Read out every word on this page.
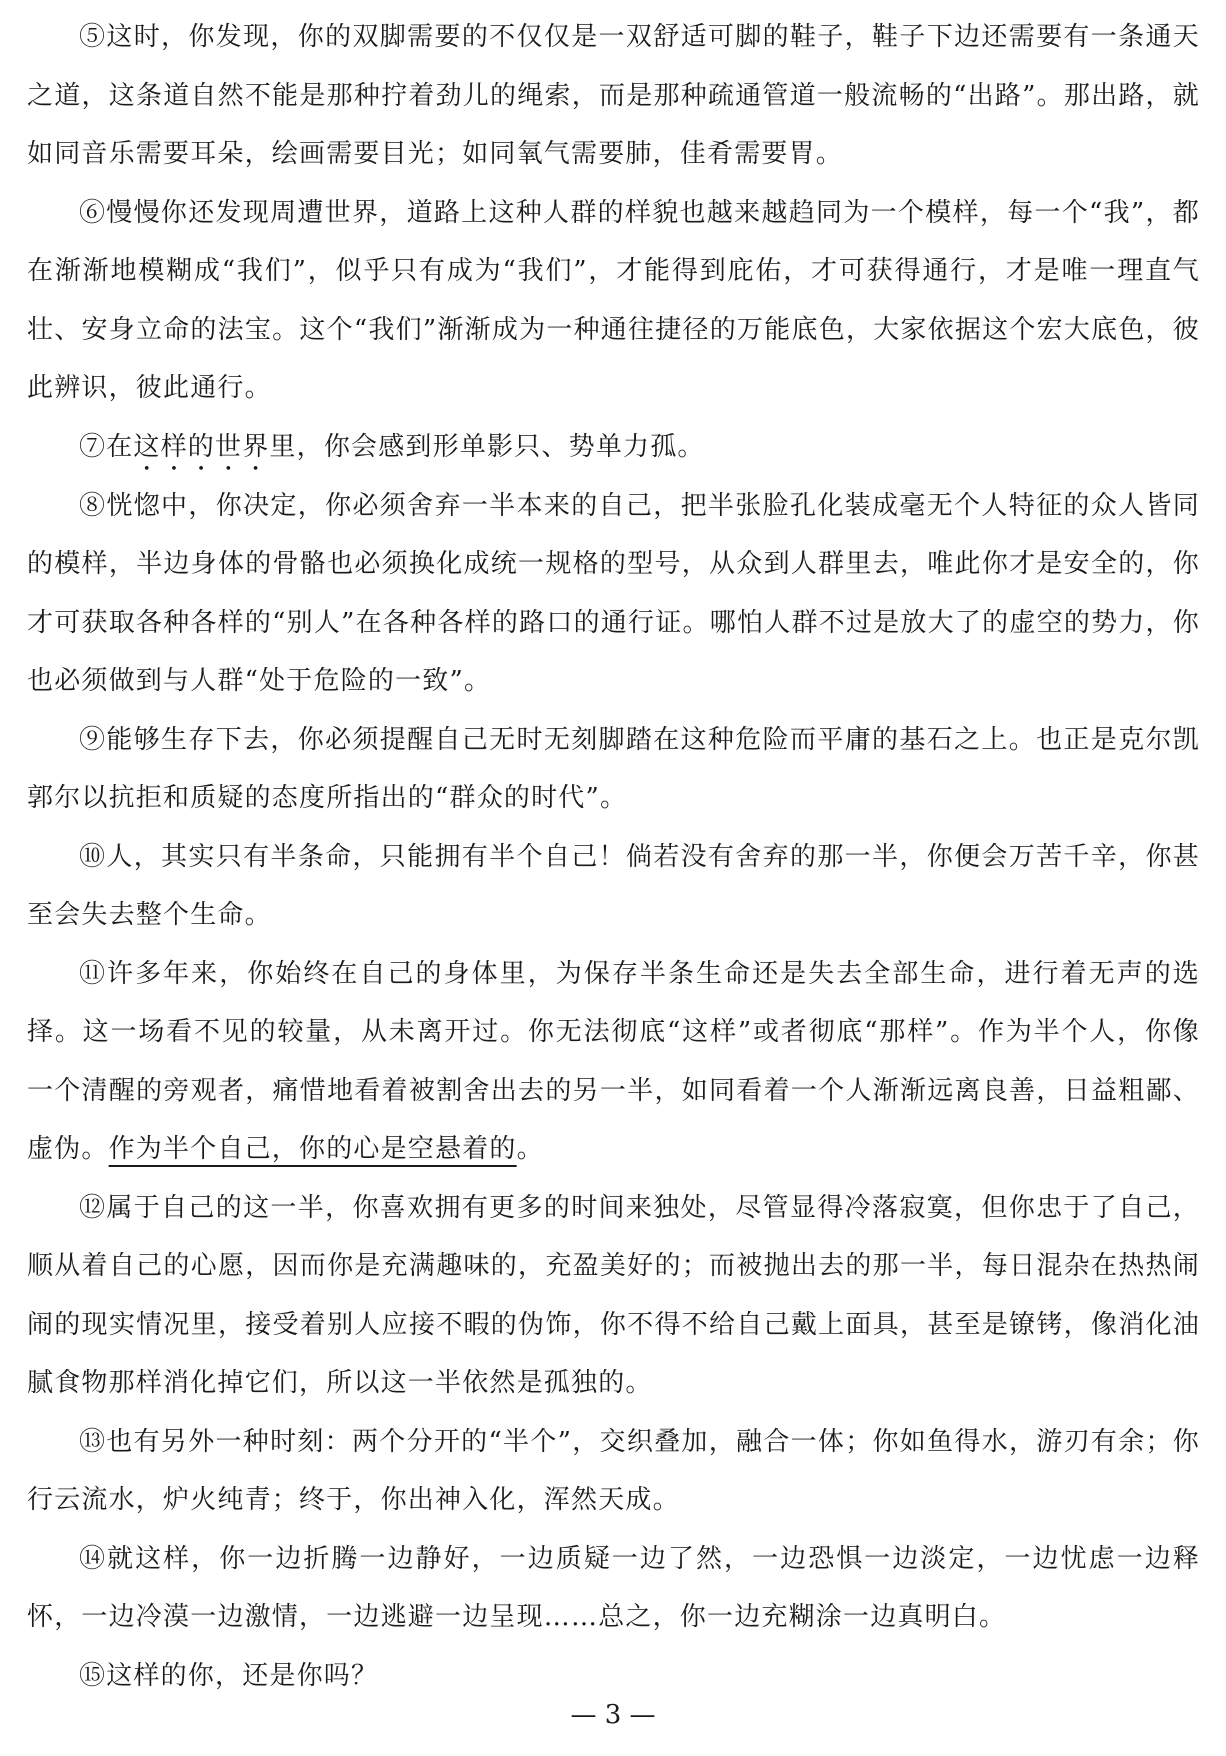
⑤这时，你发现，你的双脚需要的不仅仅是一双舒适可脚的鞋子，鞋子下边还需要有一条通天之道，这条道自然不能是那种拧着劲儿的绳索，而是那种疏通管道一般流畅的“出路”。那出路，就如同音乐需要耳朵，绘画需要目光；如同氧气需要肺，佳肴需要胃。

⑥慢慢你还发现周遭世界，道路上这种人群的样貌也越来越趋同为一个模样，每一个“我”，都在渐渐地模糊成“我们”，似乎只有成为“我们”，才能得到庇佑，才可获得通行，才是唯一理直气壮、安身立命的法宝。这个“我们”渐渐成为一种通往捷径的万能底色，大家依据这个宏大底色，彼此辨识，彼此通行。

⑦在这样的世界里，你会感到形单影只、势单力孤。

⑧恍惚中，你决定，你必须舍弃一半本来的自己，把半张脸孔化装成毫无个人特征的众人皆同的模样，半边身体的骨骼也必须换化成统一规格的型号，从众到人群里去，唯此你才是安全的，你才可获取各种各样的“别人”在各种各样的路口的通行证。哪怕人群不过是放大了的虚空的势力，你也必须做到与人群“处于危险的一致”。

⑨能够生存下去，你必须提醒自己无时无刻脚踏在这种危险而平庸的基石之上。也正是克尔凯郭尔以抗拒和质疑的态度所指出的“群众的时代”。

⑩人，其实只有半条命，只能拥有半个自己！倘若没有舍弃的那一半，你便会万苦千辛，你甚至会失去整个生命。

⑪许多年来，你始终在自己的身体里，为保存半条生命还是失去全部生命，进行着无声的选择。这一场看不见的较量，从未离开过。你无法彻底“这样”或者彻底“那样”。作为半个人，你像一个清醒的旁观者，痛惜地看着被割舍出去的另一半，如同看着一个人渐渐远离良善，日益粗鄙、虚伪。作为半个自己，你的心是空悬着的。

⑫属于自己的这一半，你喜欢拥有更多的时间来独处，尽管显得冷落寂寞，但你忠于了自己，顺从着自己的心愿，因而你是充满趣味的，充盈美好的；而被抛出去的那一半，每日混杂在热热闹闹的现实情况里，接受着别人应接不暇的伪饰，你不得不给自己戴上面具，甚至是镣铐，像消化油腻食物那样消化掉它们，所以这一半依然是孤独的。

⑬也有另外一种时刻：两个分开的“半个”，交织叠加，融合一体；你如鱼得水，游刃有余；你行云流水，炉火纯青；终于，你出神入化，浑然天成。

⑭就这样，你一边折腾一边静好，一边质疑一边了然，一边恐惧一边淡定，一边忧虑一边释怀，一边冷漠一边激情，一边逃避一边呈现……总之，你一边充糊涂一边真明白。

⑮这样的你，还是你吗？

— 3 —
